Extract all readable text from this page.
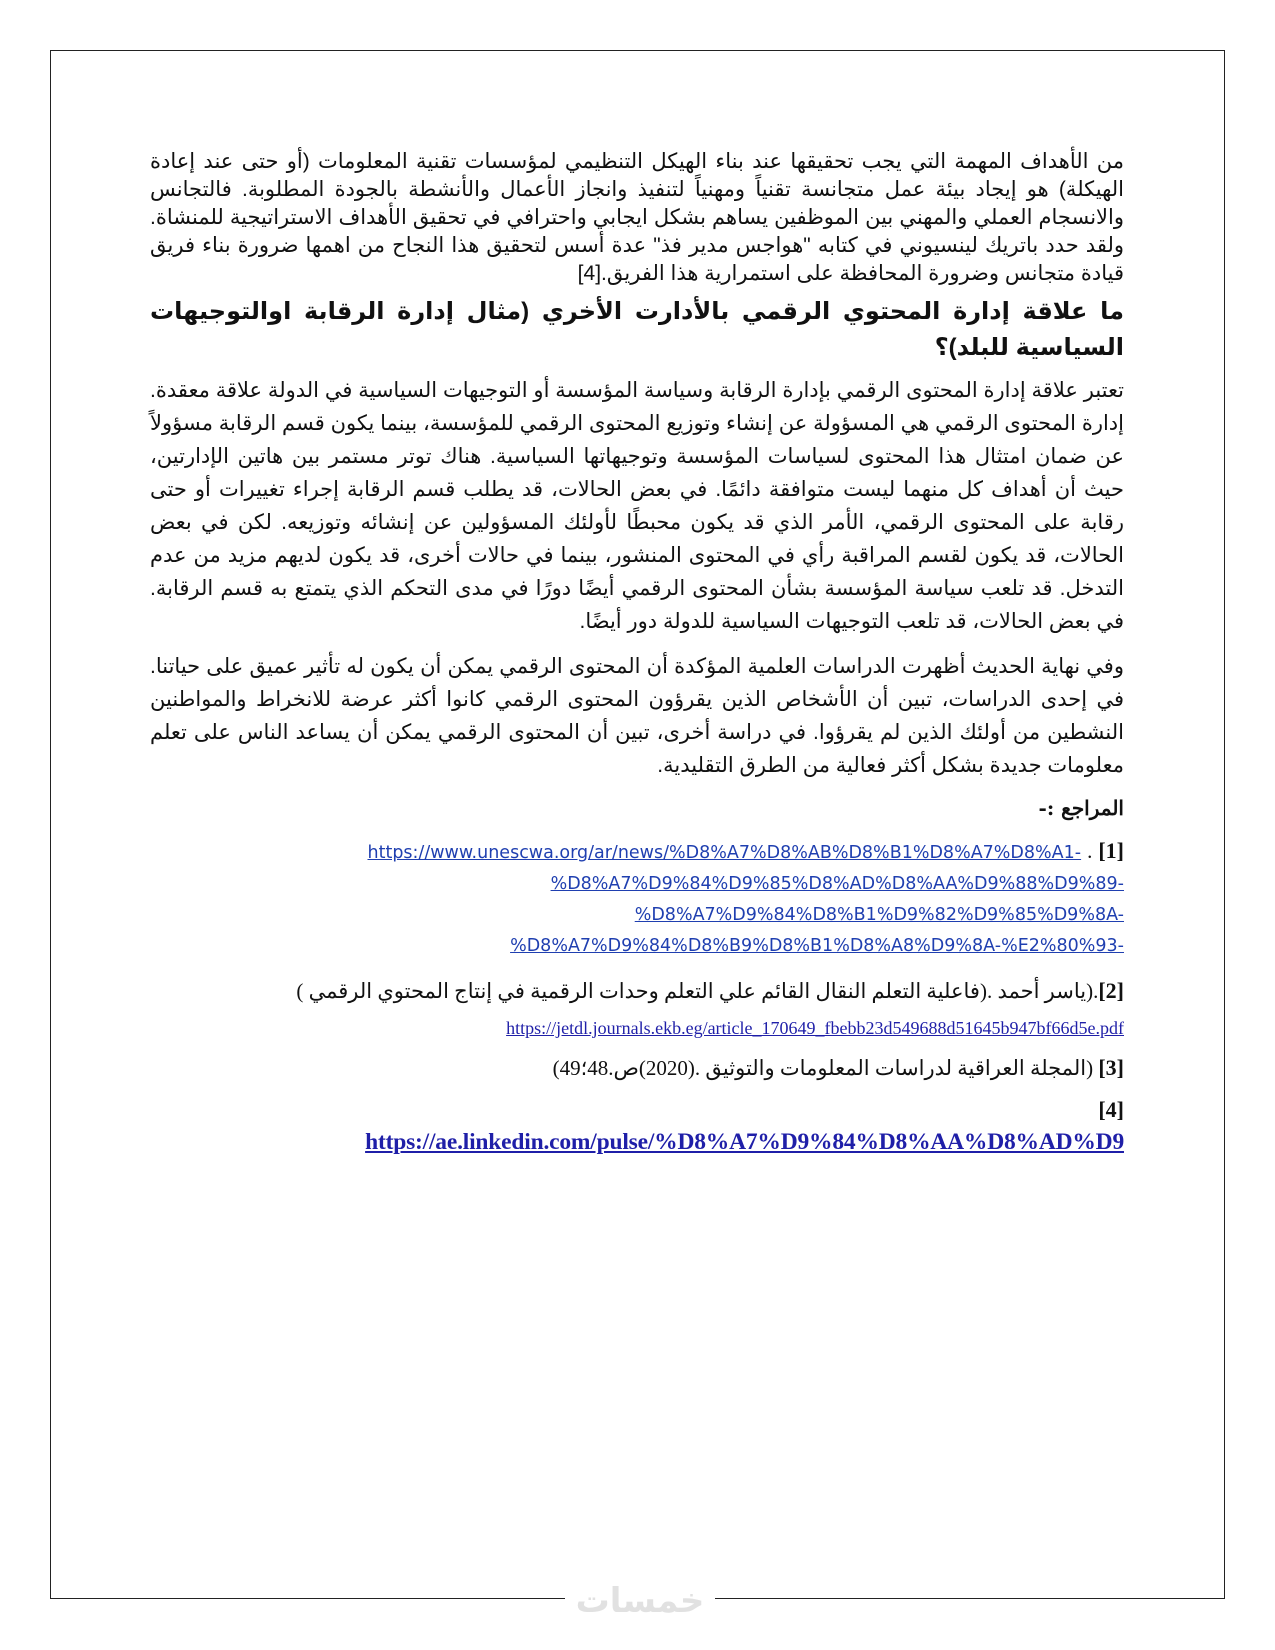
من الأهداف المهمة التي يجب تحقيقها عند بناء الهيكل التنظيمي لمؤسسات تقنية المعلومات (أو حتى عند إعادة الهيكلة) هو إيجاد بيئة عمل متجانسة تقنياً ومهنياً لتنفيذ وانجاز الأعمال والأنشطة بالجودة المطلوبة. فالتجانس والانسجام العملي والمهني بين الموظفين يساهم بشكل ايجابي واحترافي في تحقيق الأهداف الاستراتيجية للمنشاة. ولقد حدد باتريك لينسيوني في كتابه "هواجس مدير فذ" عدة أسس لتحقيق هذا النجاح من اهمها ضرورة بناء فريق قيادة متجانس وضرورة المحافظة على استمرارية هذا الفريق.[4]

ما علاقة إدارة المحتوي الرقمي بالأدارت الأخري (مثال إدارة الرقابة اوالتوجيهات السياسية للبلد)؟

تعتبر علاقة إدارة المحتوى الرقمي بإدارة الرقابة وسياسة المؤسسة أو التوجيهات السياسية في الدولة علاقة معقدة. إدارة المحتوى الرقمي هي المسؤولة عن إنشاء وتوزيع المحتوى الرقمي للمؤسسة، بينما يكون قسم الرقابة مسؤولاً عن ضمان امتثال هذا المحتوى لسياسات المؤسسة وتوجيهاتها السياسية. هناك توتر مستمر بين هاتين الإدارتين، حيث أن أهداف كل منهما ليست متوافقة دائمًا. في بعض الحالات، قد يطلب قسم الرقابة إجراء تغييرات أو حتى رقابة على المحتوى الرقمي، الأمر الذي قد يكون محبطًا لأولئك المسؤولين عن إنشائه وتوزيعه. لكن في بعض الحالات، قد يكون لقسم المراقبة رأي في المحتوى المنشور، بينما في حالات أخرى، قد يكون لديهم مزيد من عدم التدخل. قد تلعب سياسة المؤسسة بشأن المحتوى الرقمي أيضًا دورًا في مدى التحكم الذي يتمتع به قسم الرقابة. في بعض الحالات، قد تلعب التوجيهات السياسية للدولة دور أيضًا.

وفي نهاية الحديث أظهرت الدراسات العلمية المؤكدة أن المحتوى الرقمي يمكن أن يكون له تأثير عميق على حياتنا. في إحدى الدراسات، تبين أن الأشخاص الذين يقرؤون المحتوى الرقمي كانوا أكثر عرضة للانخراط والمواطنين النشطين من أولئك الذين لم يقرؤوا. في دراسة أخرى، تبين أن المحتوى الرقمي يمكن أن يساعد الناس على تعلم معلومات جديدة بشكل أكثر فعالية من الطرق التقليدية.

المراجع :-
[1]
.
https://www.unescwa.org/ar/news/%D8%A7%D8%AB%D8%B1%D8%A7%D8%A1-
%D8%A7%D9%84%D9%85%D8%AD%D8%AA%D9%88%D9%89-
%D8%A7%D9%84%D8%B1%D9%82%D9%85%D9%8A-
%D8%A7%D9%84%D8%B9%D8%B1%D8%A8%D9%8A-%E2%80%93-
[2].(ياسر أحمد .(فاعلية التعلم النقال القائم علي التعلم وحدات الرقمية في إنتاج المحتوي الرقمي )
https://jetdl.journals.ekb.eg/article_170649_fbebb23d549688d51645b947bf66d5e.pdf
[3] (المجلة العراقية لدراسات المعلومات والتوثيق .(2020)ص.48؛49)
[4]
https://ae.linkedin.com/pulse/%D8%A7%D9%84%D8%AA%D8%AD%D9
خمسات
